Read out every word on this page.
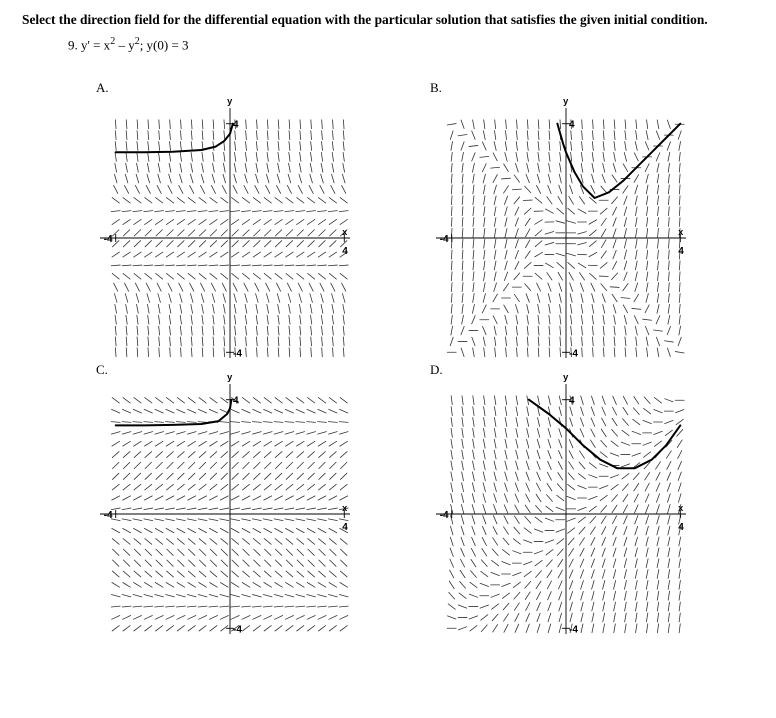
Select the direction field for the differential equation with the particular solution that satisfies the given initial condition.
9. $y' = x^2 - y^2$; y(0) = 3
A.	B.
C.	D.
-4
4
4
-4
x
y
-4
4
4
-4
x
y
-4
4
4
-4
x
y
-4
4
4
-4
x
y
